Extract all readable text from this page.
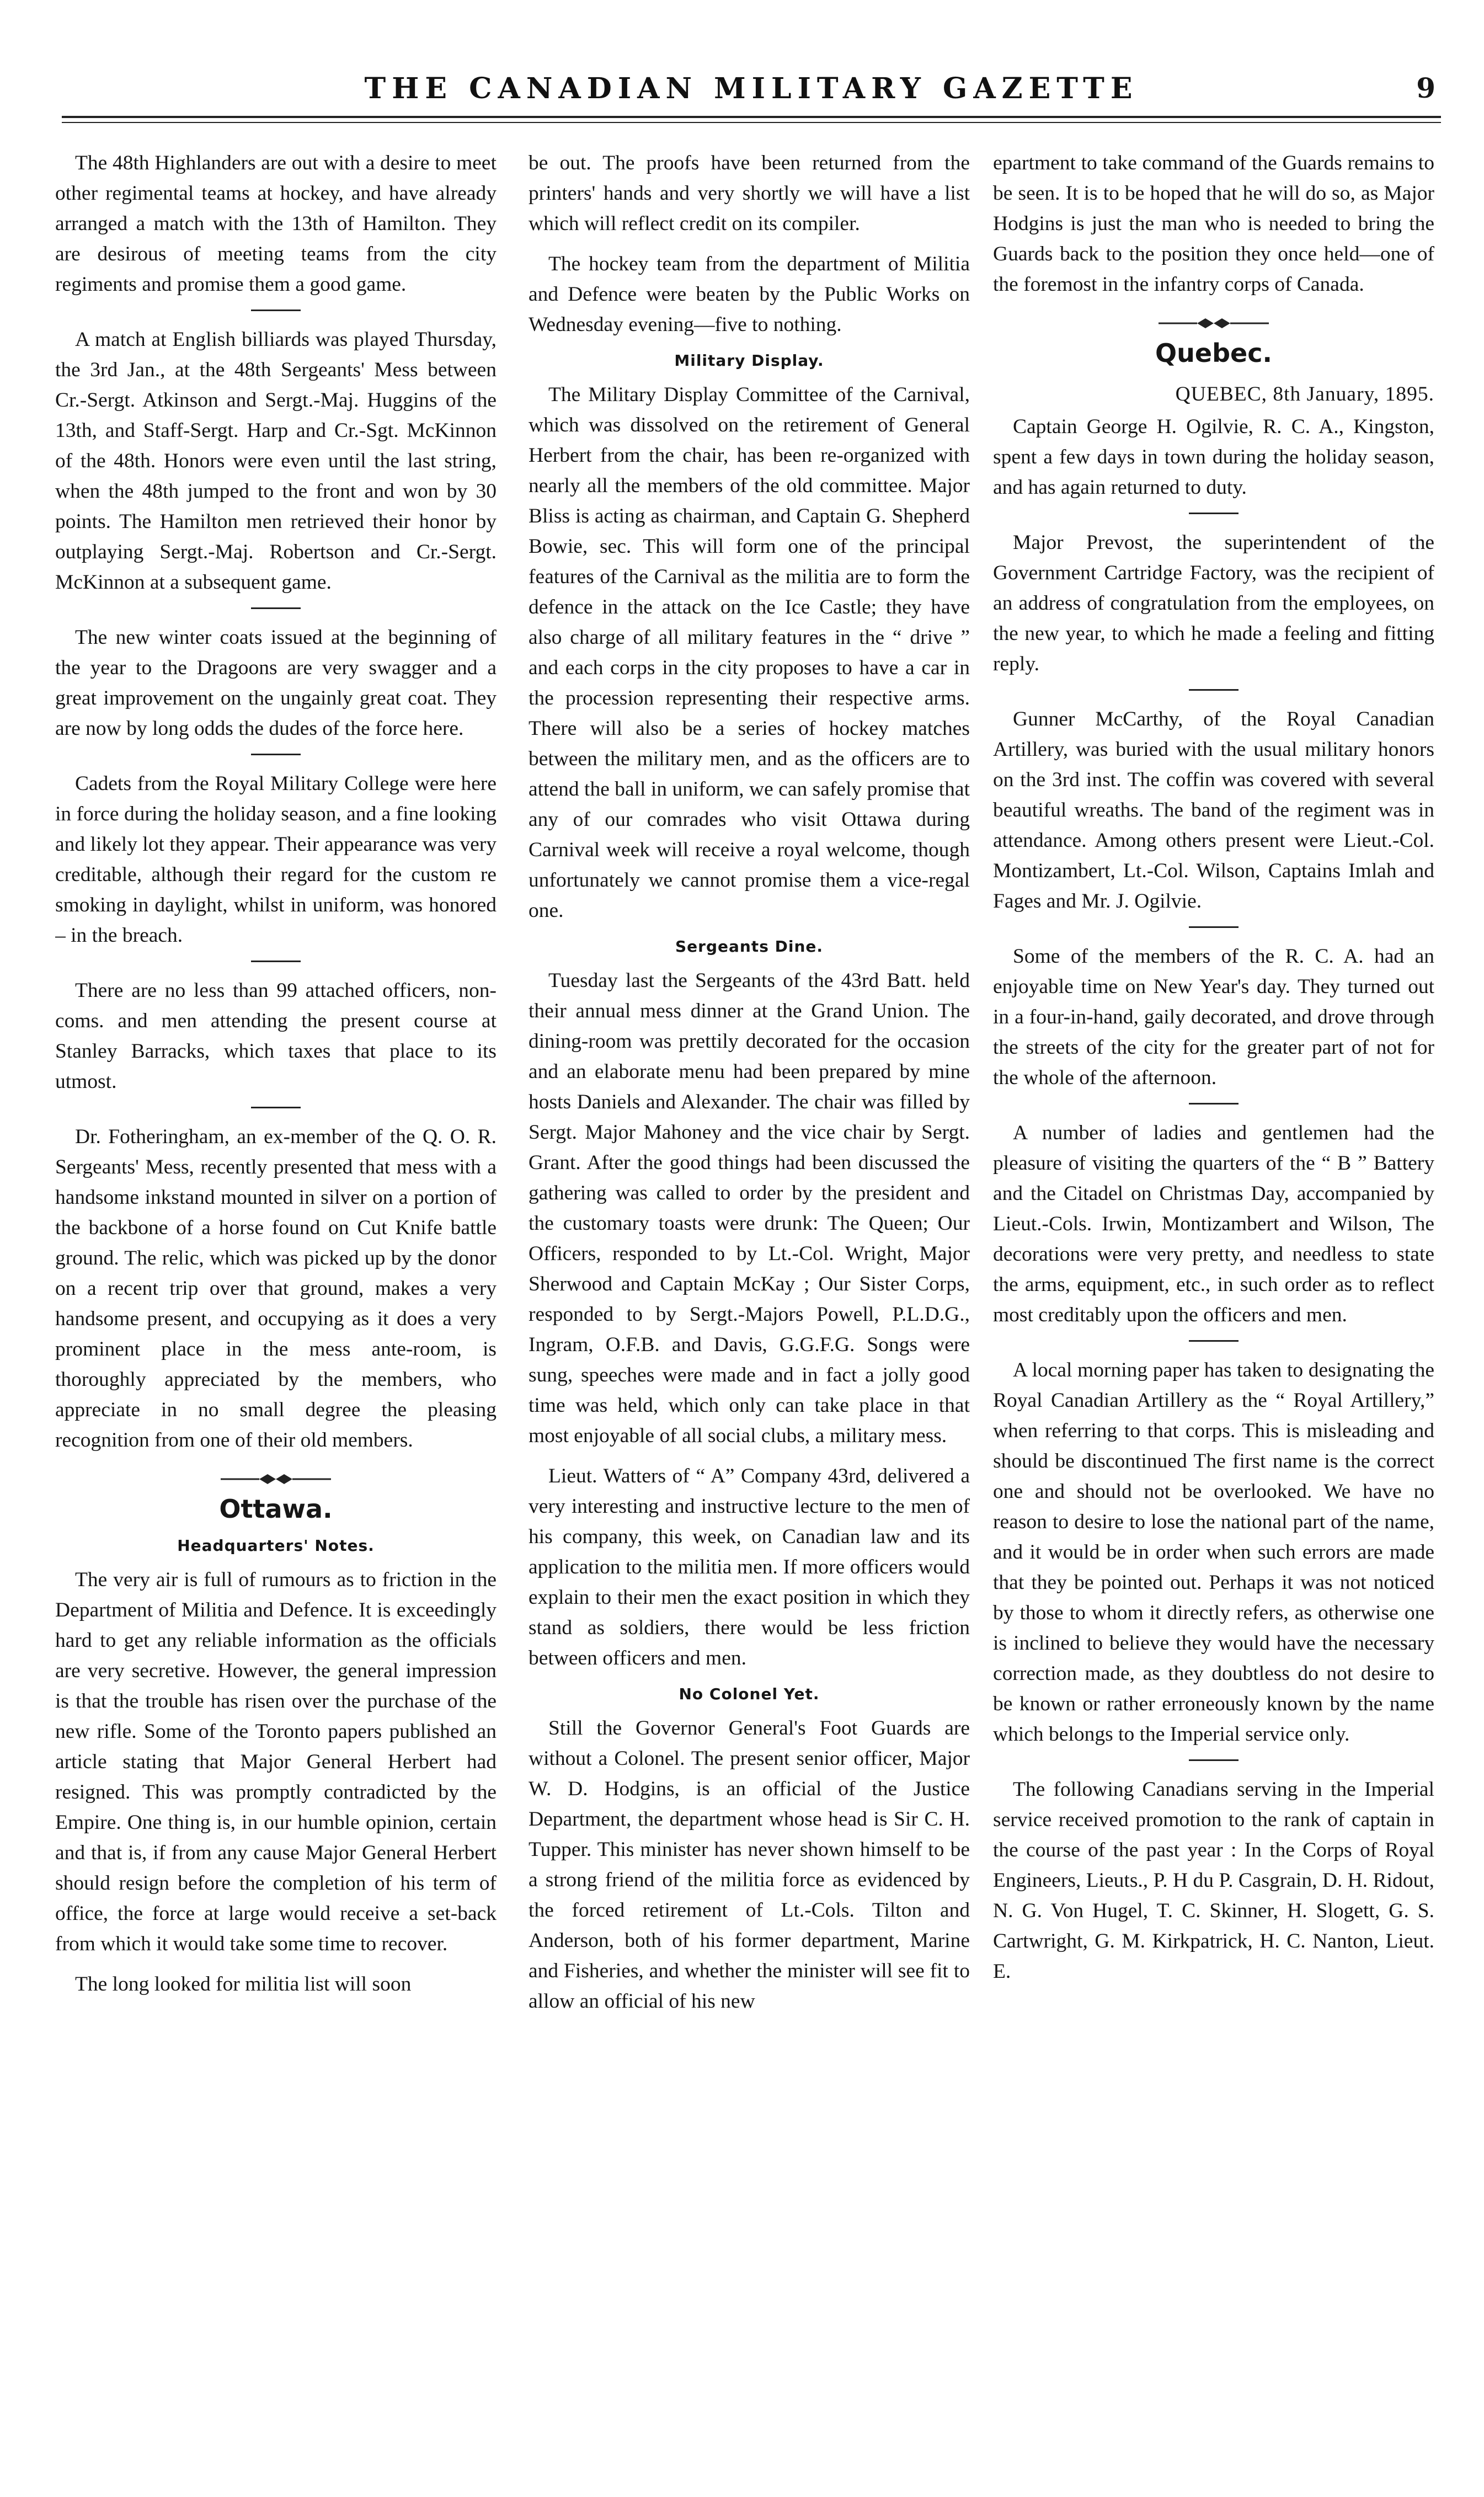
THE CANADIAN MILITARY GAZETTE	9

The 48th Highlanders are out with a desire to meet other regimental teams at hockey, and have already arranged a match with the 13th of Hamilton. They are desirous of meeting teams from the city regiments and promise them a good game.

A match at English billiards was played Thursday, the 3rd Jan., at the 48th Sergeants' Mess between Cr.-Sergt. Atkinson and Sergt.-Maj. Huggins of the 13th, and Staff-Sergt. Harp and Cr.-Sgt. McKinnon of the 48th. Honors were even until the last string, when the 48th jumped to the front and won by 30 points. The Hamilton men retrieved their honor by outplaying Sergt.-Maj. Robertson and Cr.-Sergt. McKinnon at a subsequent game.

The new winter coats issued at the beginning of the year to the Dragoons are very swagger and a great improvement on the ungainly great coat. They are now by long odds the dudes of the force here.

Cadets from the Royal Military College were here in force during the holiday season, and a fine looking and likely lot they appear. Their appearance was very creditable, although their regard for the custom re smoking in daylight, whilst in uniform, was honored – in the breach.

There are no less than 99 attached officers, non-coms. and men attending the present course at Stanley Barracks, which taxes that place to its utmost.

Dr. Fotheringham, an ex-member of the Q. O. R. Sergeants' Mess, recently presented that mess with a handsome inkstand mounted in silver on a portion of the backbone of a horse found on Cut Knife battle ground. The relic, which was picked up by the donor on a recent trip over that ground, makes a very handsome present, and occupying as it does a very prominent place in the mess ante-room, is thoroughly appreciated by the members, who appreciate in no small degree the pleasing recognition from one of their old members.

Ottawa.
Headquarters' Notes.

The very air is full of rumours as to friction in the Department of Militia and Defence. It is exceedingly hard to get any reliable information as the officials are very secretive. However, the general impression is that the trouble has risen over the purchase of the new rifle. Some of the Toronto papers published an article stating that Major General Herbert had resigned. This was promptly contradicted by the Empire. One thing is, in our humble opinion, certain and that is, if from any cause Major General Herbert should resign before the completion of his term of office, the force at large would receive a set-back from which it would take some time to recover.

The long looked for militia list will soon

be out. The proofs have been returned from the printers' hands and very shortly we will have a list which will reflect credit on its compiler.

The hockey team from the department of Militia and Defence were beaten by the Public Works on Wednesday evening—five to nothing.

Military Display.

The Military Display Committee of the Carnival, which was dissolved on the retirement of General Herbert from the chair, has been re-organized with nearly all the members of the old committee. Major Bliss is acting as chairman, and Captain G. Shepherd Bowie, sec. This will form one of the principal features of the Carnival as the militia are to form the defence in the attack on the Ice Castle; they have also charge of all military features in the “ drive ” and each corps in the city proposes to have a car in the procession representing their respective arms. There will also be a series of hockey matches between the military men, and as the officers are to attend the ball in uniform, we can safely promise that any of our comrades who visit Ottawa during Carnival week will receive a royal welcome, though unfortunately we cannot promise them a vice-regal one.

Sergeants Dine.

Tuesday last the Sergeants of the 43rd Batt. held their annual mess dinner at the Grand Union. The dining-room was prettily decorated for the occasion and an elaborate menu had been prepared by mine hosts Daniels and Alexander. The chair was filled by Sergt. Major Mahoney and the vice chair by Sergt. Grant. After the good things had been discussed the gathering was called to order by the president and the customary toasts were drunk: The Queen; Our Officers, responded to by Lt.-Col. Wright, Major Sherwood and Captain McKay ; Our Sister Corps, responded to by Sergt.-Majors Powell, P.L.D.G., Ingram, O.F.B. and Davis, G.G.F.G. Songs were sung, speeches were made and in fact a jolly good time was held, which only can take place in that most enjoyable of all social clubs, a military mess.

Lieut. Watters of “ A” Company 43rd, delivered a very interesting and instructive lecture to the men of his company, this week, on Canadian law and its application to the militia men. If more officers would explain to their men the exact position in which they stand as soldiers, there would be less friction between officers and men.

No Colonel Yet.

Still the Governor General's Foot Guards are without a Colonel. The present senior officer, Major W. D. Hodgins, is an official of the Justice Department, the department whose head is Sir C. H. Tupper. This minister has never shown himself to be a strong friend of the militia force as evidenced by the forced retirement of Lt.-Cols. Tilton and Anderson, both of his former department, Marine and Fisheries, and whether the minister will see fit to allow an official of his new

epartment to take command of the Guards remains to be seen. It is to be hoped that he will do so, as Major Hodgins is just the man who is needed to bring the Guards back to the position they once held—one of the foremost in the infantry corps of Canada.

Quebec.

QUEBEC, 8th January, 1895.

Captain George H. Ogilvie, R. C. A., Kingston, spent a few days in town during the holiday season, and has again returned to duty.

Major Prevost, the superintendent of the Government Cartridge Factory, was the recipient of an address of congratulation from the employees, on the new year, to which he made a feeling and fitting reply.

Gunner McCarthy, of the Royal Canadian Artillery, was buried with the usual military honors on the 3rd inst. The coffin was covered with several beautiful wreaths. The band of the regiment was in attendance. Among others present were Lieut.-Col. Montizambert, Lt.-Col. Wilson, Captains Imlah and Fages and Mr. J. Ogilvie.

Some of the members of the R. C. A. had an enjoyable time on New Year's day. They turned out in a four-in-hand, gaily decorated, and drove through the streets of the city for the greater part of not for the whole of the afternoon.

A number of ladies and gentlemen had the pleasure of visiting the quarters of the “ B ” Battery and the Citadel on Christmas Day, accompanied by Lieut.-Cols. Irwin, Montizambert and Wilson, The decorations were very pretty, and needless to state the arms, equipment, etc., in such order as to reflect most creditably upon the officers and men.

A local morning paper has taken to designating the Royal Canadian Artillery as the “ Royal Artillery,” when referring to that corps. This is misleading and should be discontinued The first name is the correct one and should not be overlooked. We have no reason to desire to lose the national part of the name, and it would be in order when such errors are made that they be pointed out. Perhaps it was not noticed by those to whom it directly refers, as otherwise one is inclined to believe they would have the necessary correction made, as they doubtless do not desire to be known or rather erroneously known by the name which belongs to the Imperial service only.

The following Canadians serving in the Imperial service received promotion to the rank of captain in the course of the past year : In the Corps of Royal Engineers, Lieuts., P. H du P. Casgrain, D. H. Ridout, N. G. Von Hugel, T. C. Skinner, H. Slogett, G. S. Cartwright, G. M. Kirkpatrick, H. C. Nanton, Lieut. E.
